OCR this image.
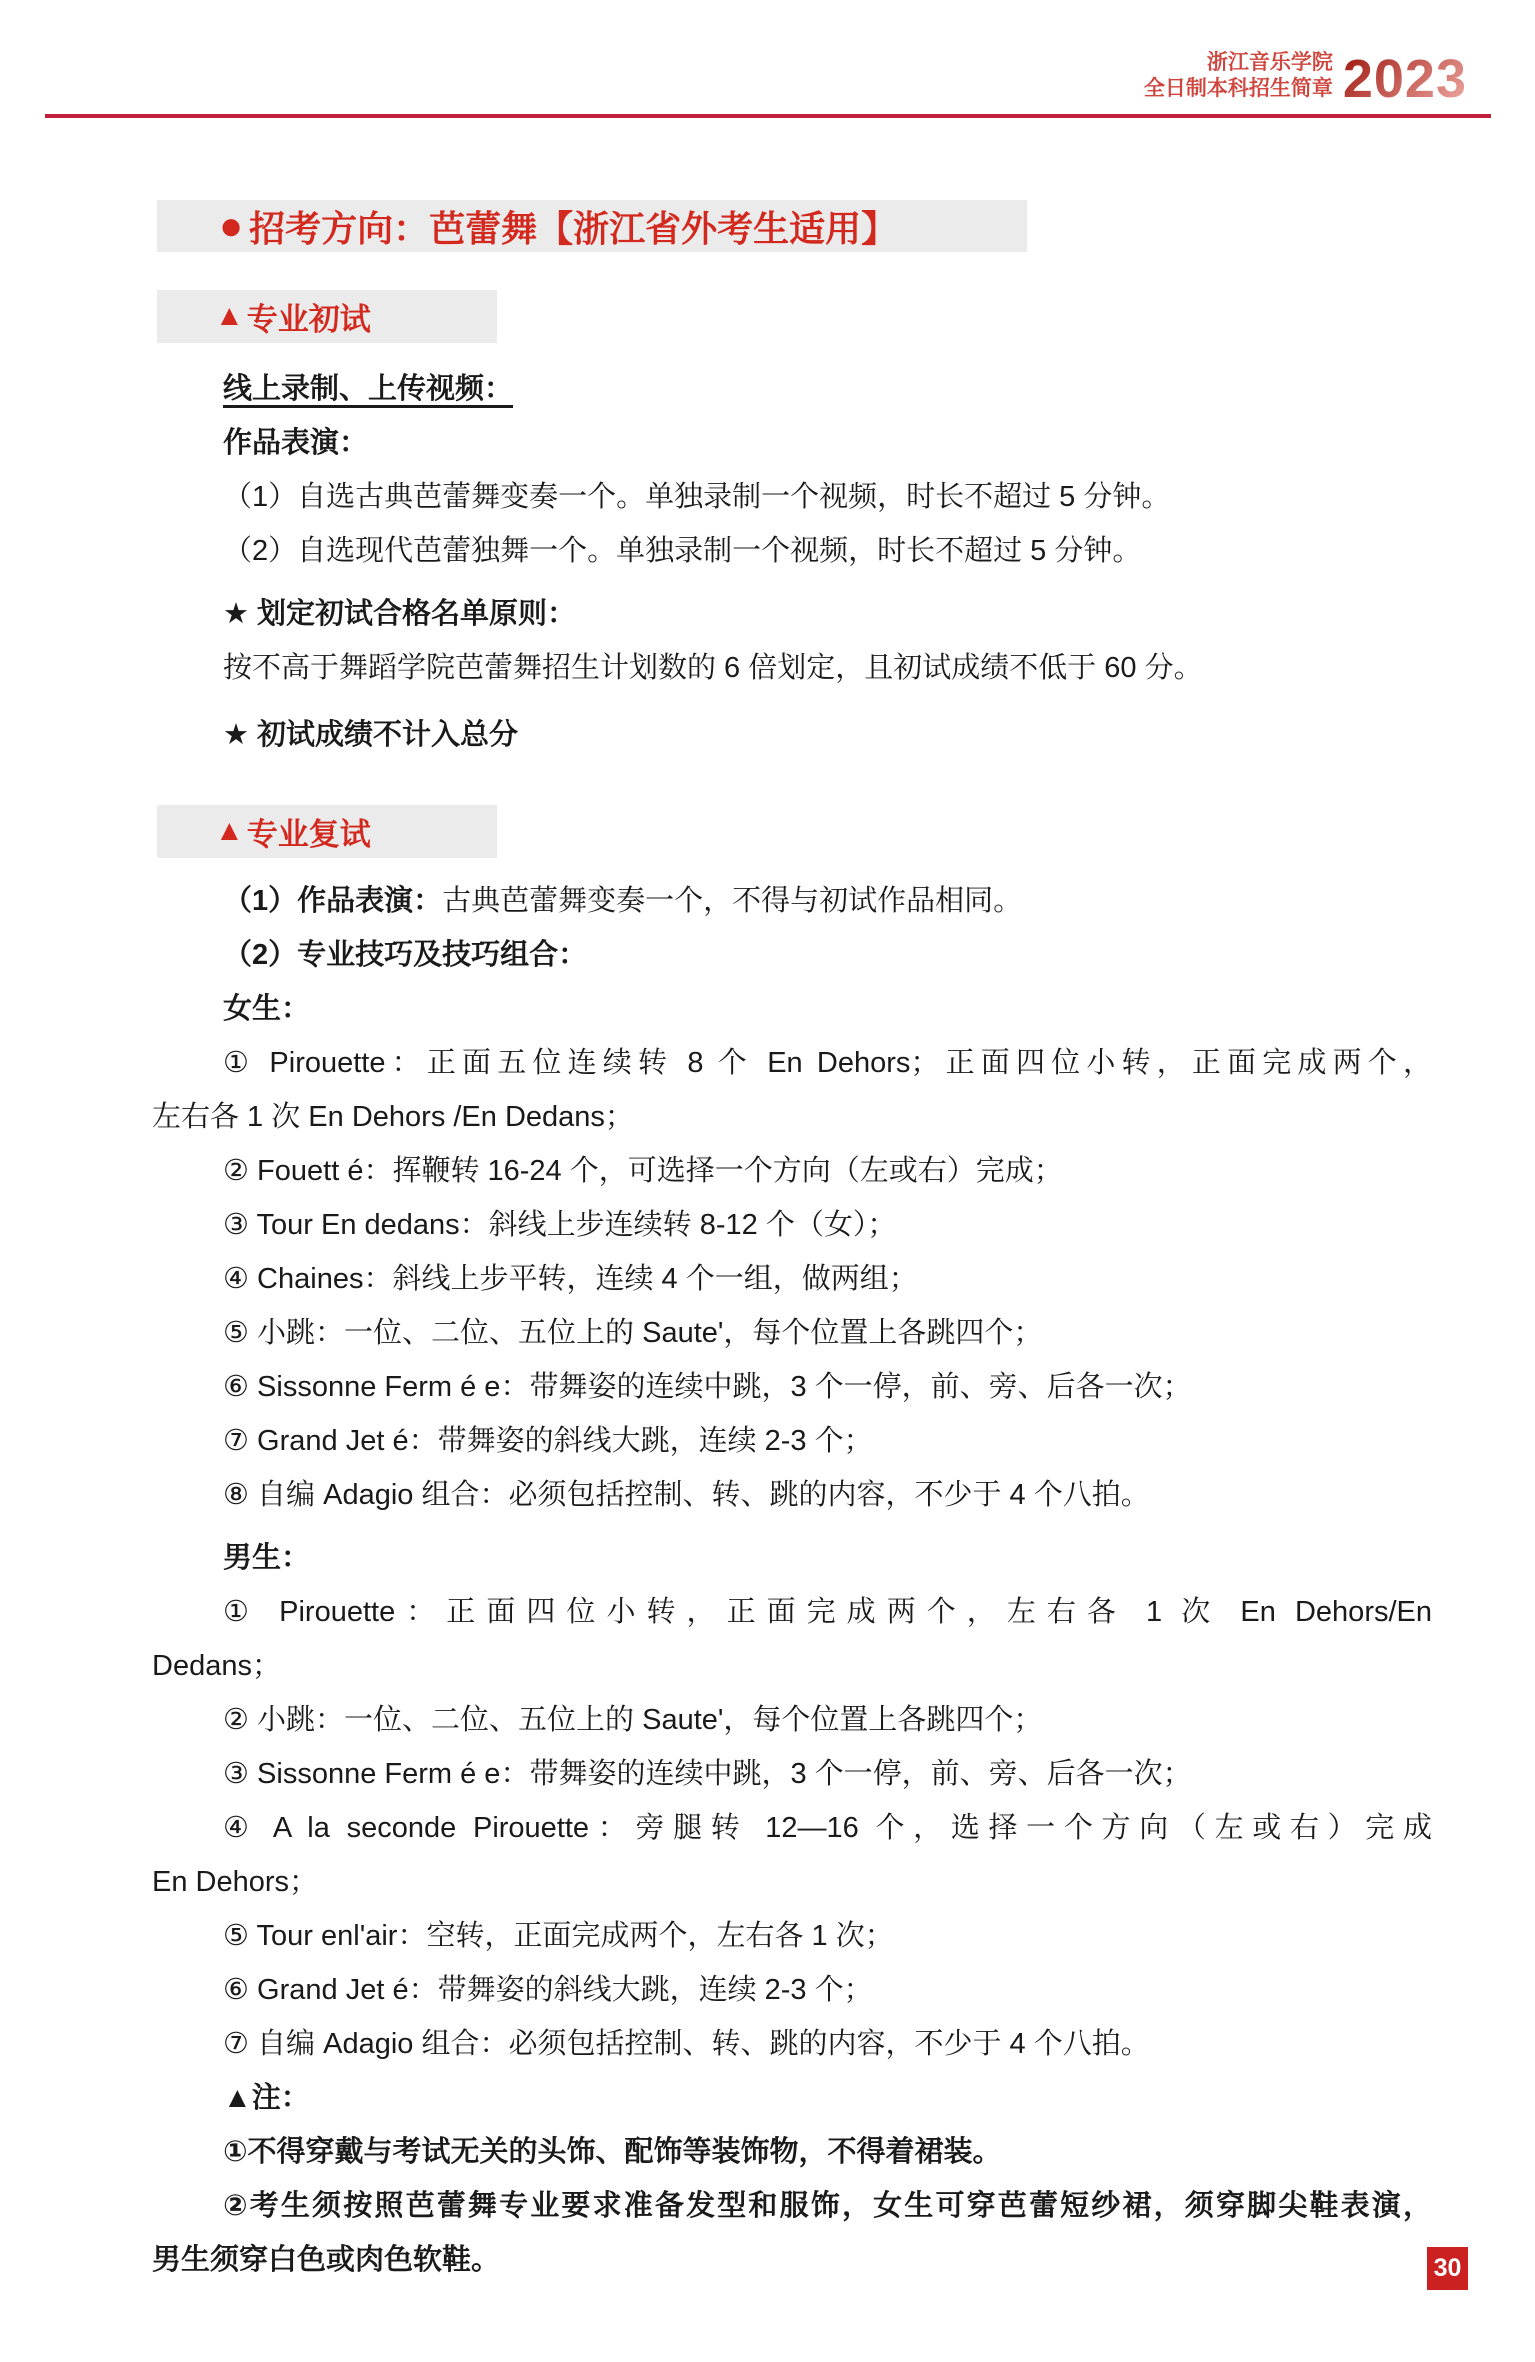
浙江音乐学院
全日制本科招生简章 2023
● 招考方向：芭蕾舞【浙江省外考生适用】
▲ 专业初试

线上录制、上传视频：

作品表演：

（1）自选古典芭蕾舞变奏一个。单独录制一个视频，时长不超过 5 分钟。

（2）自选现代芭蕾独舞一个。单独录制一个视频，时长不超过 5 分钟。

★ 划定初试合格名单原则：

按不高于舞蹈学院芭蕾舞招生计划数的 6 倍划定，且初试成绩不低于 60 分。

★ 初试成绩不计入总分

▲ 专业复试

（1）作品表演：古典芭蕾舞变奏一个，不得与初试作品相同。

（2）专业技巧及技巧组合：

女生：

① Pirouette：正面五位连续转 8 个 En Dehors；正面四位小转，正面完成两个，

左右各 1 次 En Dehors /En Dedans；

② Fouett é：挥鞭转 16-24 个，可选择一个方向（左或右）完成；

③ Tour En dedans：斜线上步连续转 8-12 个（女）；

④ Chaines：斜线上步平转，连续 4 个一组，做两组；

⑤ 小跳：一位、二位、五位上的 Saute'，每个位置上各跳四个；

⑥ Sissonne Ferm é e：带舞姿的连续中跳，3 个一停，前、旁、后各一次；

⑦ Grand Jet é：带舞姿的斜线大跳，连续 2-3 个；

⑧ 自编 Adagio 组合：必须包括控制、转、跳的内容，不少于 4 个八拍。

男生：

① Pirouette：正面四位小转，正面完成两个，左右各 1 次 En Dehors/En

Dedans；

② 小跳：一位、二位、五位上的 Saute'，每个位置上各跳四个；

③ Sissonne Ferm é e：带舞姿的连续中跳，3 个一停，前、旁、后各一次；

④ A la seconde Pirouette：旁腿转 12—16 个，选择一个方向（左或右）完成

En Dehors；

⑤ Tour enl'air：空转，正面完成两个，左右各 1 次；

⑥ Grand Jet é：带舞姿的斜线大跳，连续 2-3 个；

⑦ 自编 Adagio 组合：必须包括控制、转、跳的内容，不少于 4 个八拍。

▲注：

①不得穿戴与考试无关的头饰、配饰等装饰物，不得着裙装。

②考生须按照芭蕾舞专业要求准备发型和服饰，女生可穿芭蕾短纱裙，须穿脚尖鞋表演，

男生须穿白色或肉色软鞋。	30
